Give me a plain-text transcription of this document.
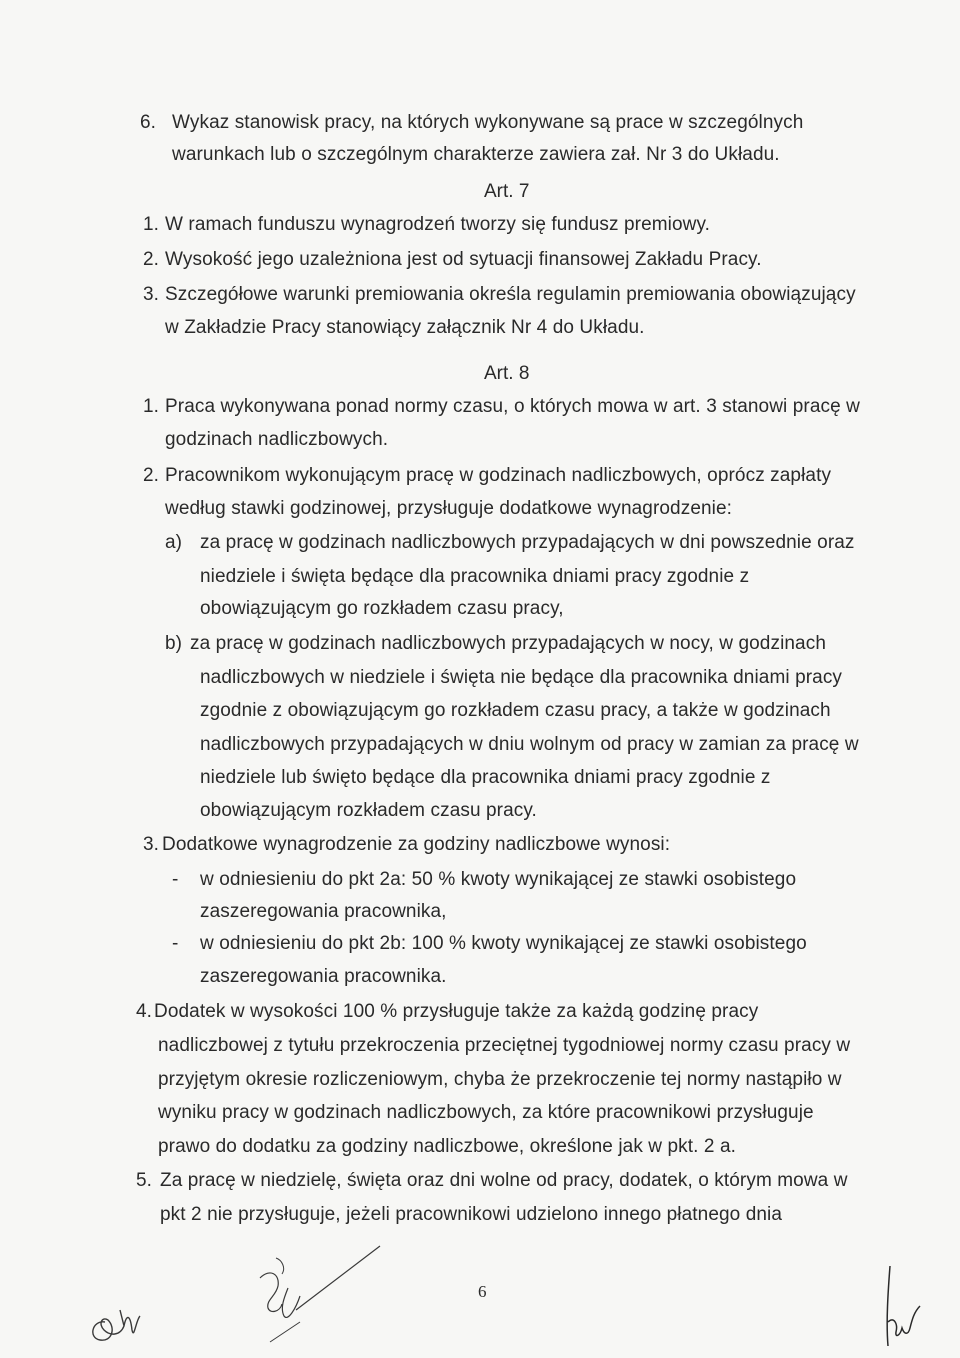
6. Wykaz stanowisk pracy, na których wykonywane są prace w szczególnych
warunkach lub o szczególnym charakterze zawiera zał. Nr 3 do Układu.
Art. 7
1. W ramach funduszu wynagrodzeń tworzy się fundusz premiowy.
2. Wysokość jego uzależniona jest od sytuacji finansowej Zakładu Pracy.
3. Szczegółowe warunki premiowania określa regulamin premiowania obowiązujący
w Zakładzie Pracy stanowiący załącznik Nr 4 do Układu.
Art. 8
1. Praca wykonywana ponad normy czasu, o których mowa w art. 3 stanowi pracę w
godzinach nadliczbowych.
2. Pracownikom wykonującym pracę w godzinach nadliczbowych, oprócz zapłaty
według stawki godzinowej, przysługuje dodatkowe wynagrodzenie:
a) za pracę w godzinach nadliczbowych przypadających w dni powszednie oraz
niedziele i święta będące dla pracownika dniami pracy zgodnie z
obowiązującym go rozkładem czasu pracy,
b) za pracę w godzinach nadliczbowych przypadających w nocy, w godzinach
nadliczbowych w niedziele i święta nie będące dla pracownika dniami pracy
zgodnie z obowiązującym go rozkładem czasu pracy, a także w godzinach
nadliczbowych przypadających w dniu wolnym od pracy w zamian za pracę w
niedziele lub święto będące dla pracownika dniami pracy zgodnie z
obowiązującym rozkładem czasu pracy.
3. Dodatkowe wynagrodzenie za godziny nadliczbowe wynosi:
- w odniesieniu do pkt 2a: 50 % kwoty wynikającej ze stawki osobistego
zaszeregowania pracownika,
- w odniesieniu do pkt 2b: 100 % kwoty wynikającej ze stawki osobistego
zaszeregowania pracownika.
4. Dodatek w wysokości 100 % przysługuje także za każdą godzinę pracy
nadliczbowej z tytułu przekroczenia przeciętnej tygodniowej normy czasu pracy w
przyjętym okresie rozliczeniowym, chyba że przekroczenie tej normy nastąpiło w
wyniku pracy w godzinach nadliczbowych, za które pracownikowi przysługuje
prawo do dodatku za godziny nadliczbowe, określone jak w pkt. 2 a.
5. Za pracę w niedzielę, święta oraz dni wolne od pracy, dodatek, o którym mowa w
pkt 2 nie przysługuje, jeżeli pracownikowi udzielono innego płatnego dnia
6
